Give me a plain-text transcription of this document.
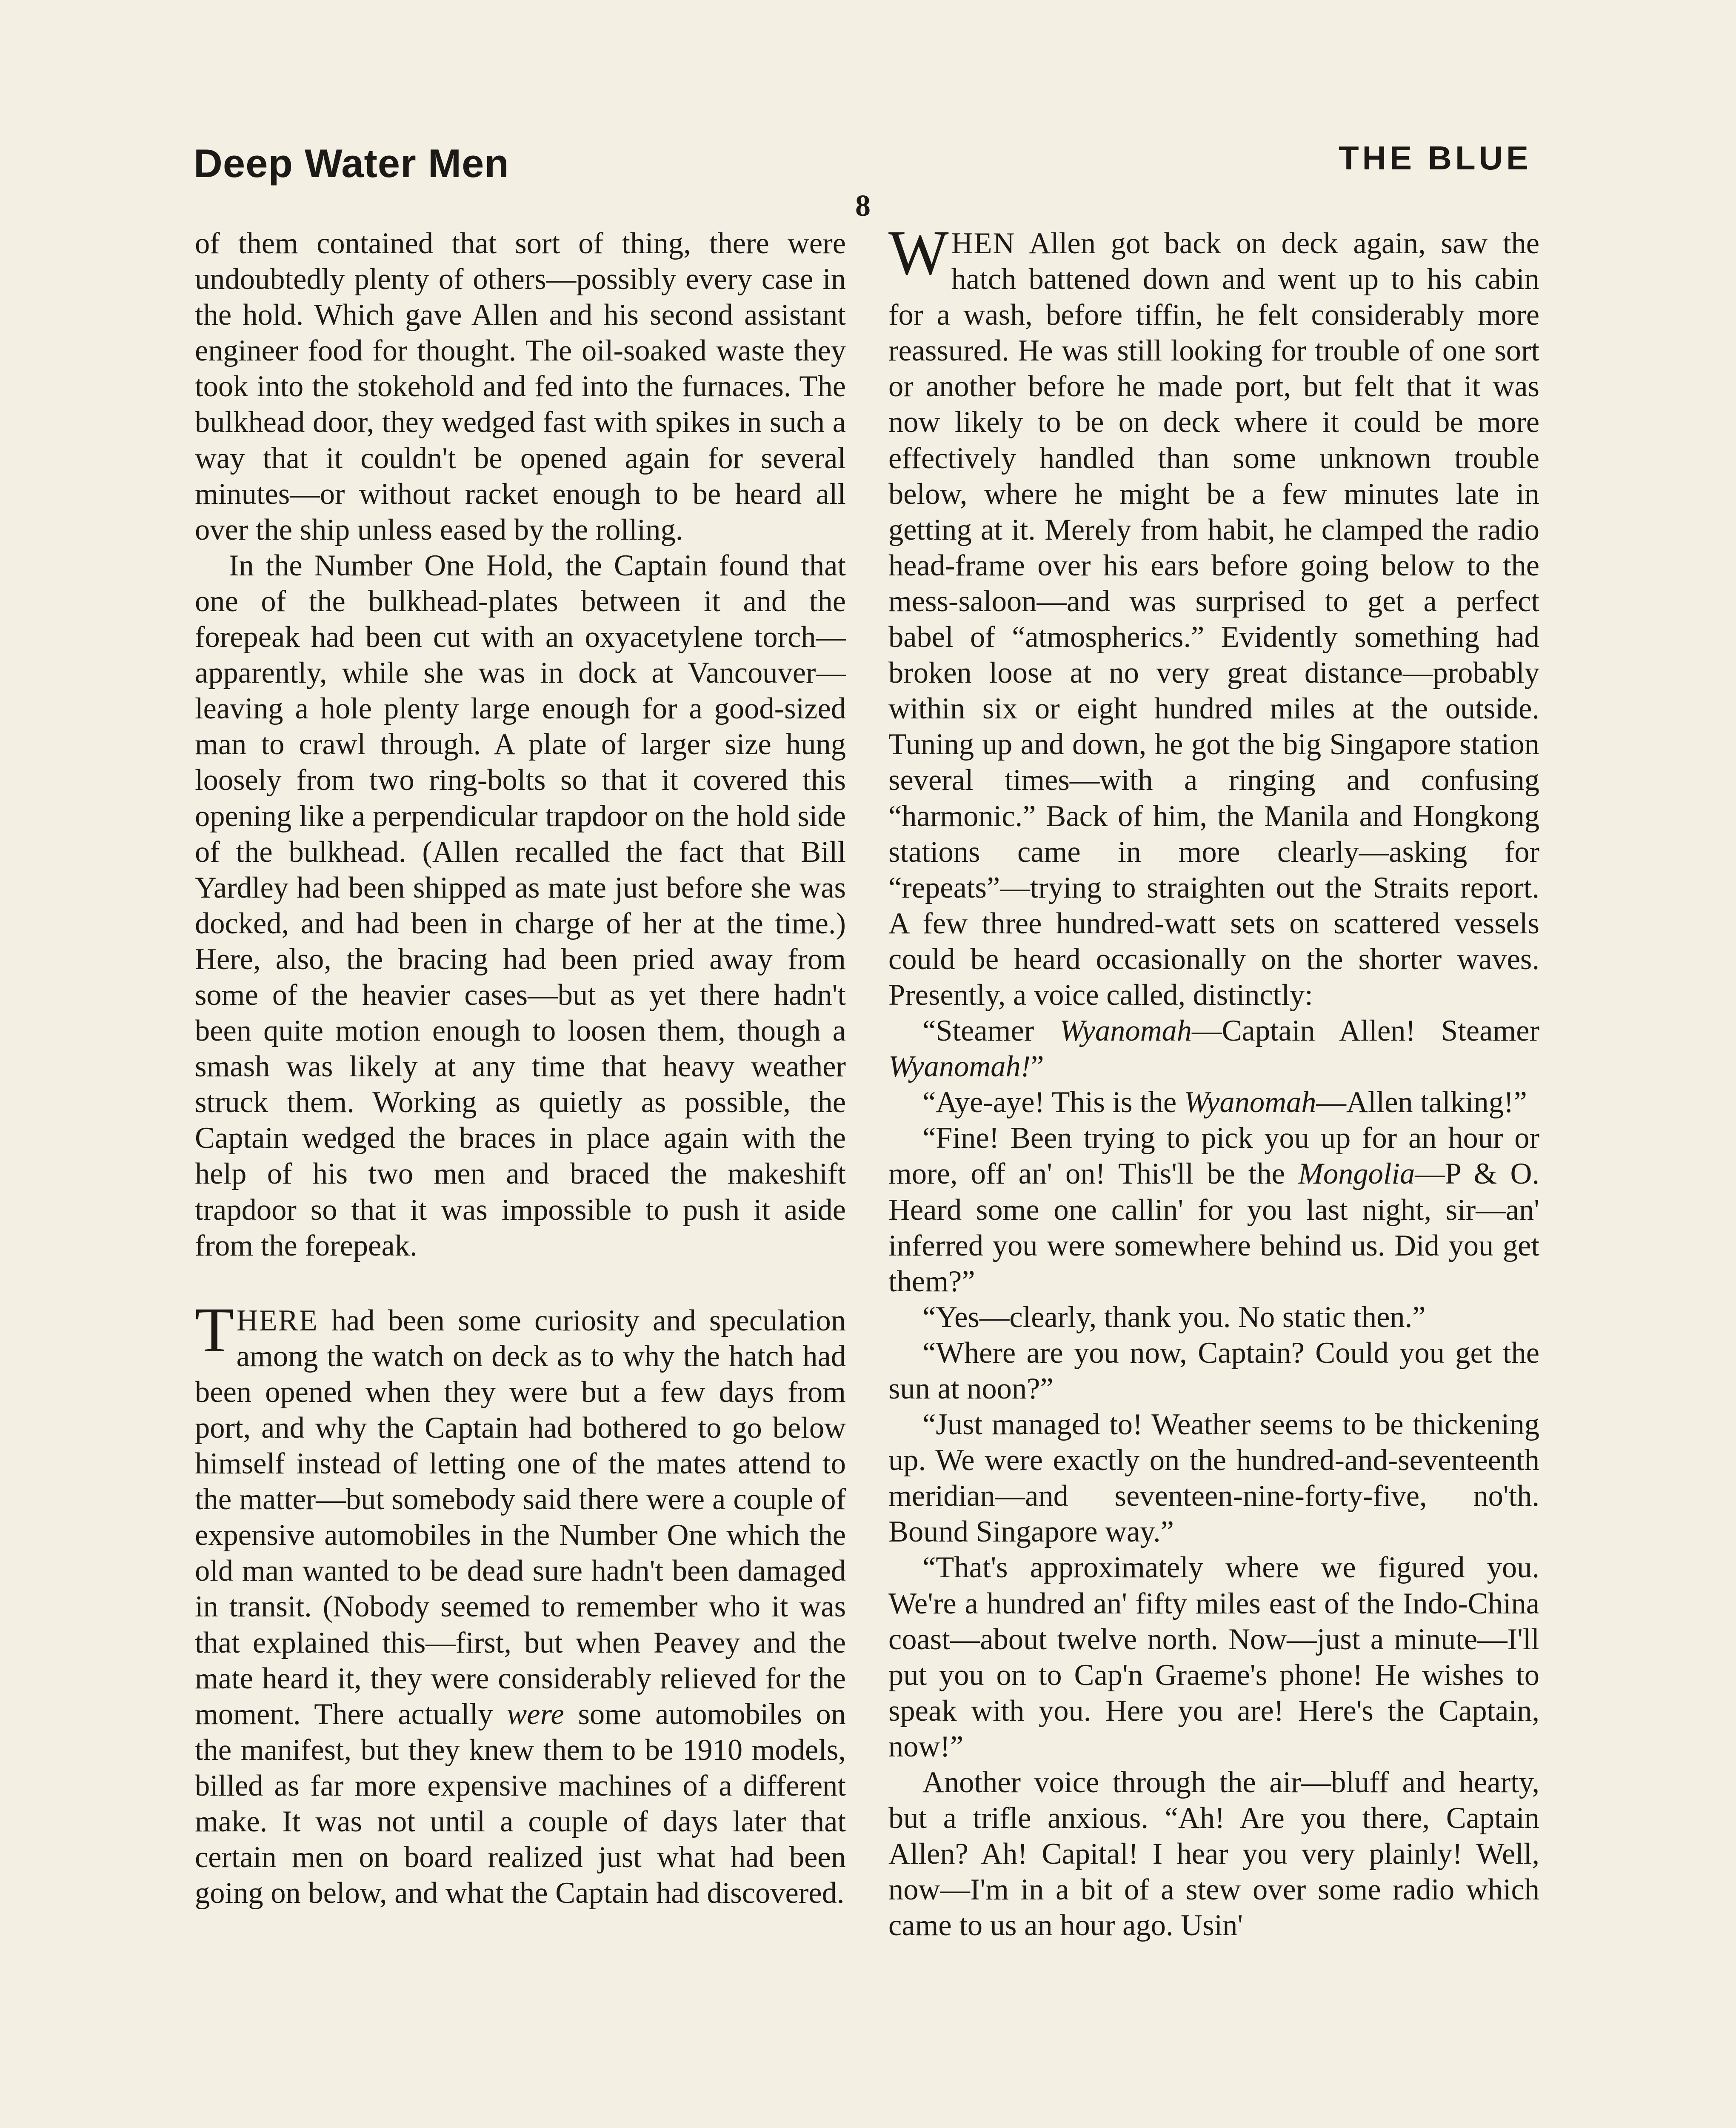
Deep Water Men	THE BLUE
8

of them contained that sort of thing, there were undoubtedly plenty of others—possibly every case in the hold. Which gave Allen and his second assistant engineer food for thought. The oil-soaked waste they took into the stokehold and fed into the furnaces. The bulkhead door, they wedged fast with spikes in such a way that it couldn't be opened again for several minutes—or without racket enough to be heard all over the ship unless eased by the rolling.

In the Number One Hold, the Captain found that one of the bulkhead-plates between it and the forepeak had been cut with an oxyacetylene torch—apparently, while she was in dock at Vancouver—leaving a hole plenty large enough for a good-sized man to crawl through. A plate of larger size hung loosely from two ring-bolts so that it covered this opening like a perpendicular trapdoor on the hold side of the bulkhead. (Allen recalled the fact that Bill Yardley had been shipped as mate just before she was docked, and had been in charge of her at the time.) Here, also, the bracing had been pried away from some of the heavier cases—but as yet there hadn't been quite motion enough to loosen them, though a smash was likely at any time that heavy weather struck them. Working as quietly as possible, the Captain wedged the braces in place again with the help of his two men and braced the makeshift trapdoor so that it was impossible to push it aside from the forepeak.

THERE had been some curiosity and speculation among the watch on deck as to why the hatch had been opened when they were but a few days from port, and why the Captain had bothered to go below himself instead of letting one of the mates attend to the matter—but somebody said there were a couple of expensive automobiles in the Number One which the old man wanted to be dead sure hadn't been damaged in transit. (Nobody seemed to remember who it was that explained this—first, but when Peavey and the mate heard it, they were considerably relieved for the moment. There actually were some automobiles on the manifest, but they knew them to be 1910 models, billed as far more expensive machines of a different make. It was not until a couple of days later that certain men on board realized just what had been going on below, and what the Captain had discovered.

WHEN Allen got back on deck again, saw the hatch battened down and went up to his cabin for a wash, before tiffin, he felt considerably more reassured. He was still looking for trouble of one sort or another before he made port, but felt that it was now likely to be on deck where it could be more effectively handled than some unknown trouble below, where he might be a few minutes late in getting at it. Merely from habit, he clamped the radio head-frame over his ears before going below to the mess-saloon—and was surprised to get a perfect babel of “atmospherics.” Evidently something had broken loose at no very great distance—probably within six or eight hundred miles at the outside. Tuning up and down, he got the big Singapore station several times—with a ringing and confusing “harmonic.” Back of him, the Manila and Hongkong stations came in more clearly—asking for “repeats”—trying to straighten out the Straits report. A few three hundred-watt sets on scattered vessels could be heard occasionally on the shorter waves. Presently, a voice called, distinctly:

“Steamer Wyanomah—Captain Allen! Steamer Wyanomah!”

“Aye-aye! This is the Wyanomah—Allen talking!”

“Fine! Been trying to pick you up for an hour or more, off an' on! This'll be the Mongolia—P & O. Heard some one callin' for you last night, sir—an' inferred you were somewhere behind us. Did you get them?”

“Yes—clearly, thank you. No static then.”

“Where are you now, Captain? Could you get the sun at noon?”

“Just managed to! Weather seems to be thickening up. We were exactly on the hundred-and-seventeenth meridian—and seventeen-nine-forty-five, no'th. Bound Singapore way.”

“That's approximately where we figured you. We're a hundred an' fifty miles east of the Indo-China coast—about twelve north. Now—just a minute—I'll put you on to Cap'n Graeme's phone! He wishes to speak with you. Here you are! Here's the Captain, now!”

Another voice through the air—bluff and hearty, but a trifle anxious. “Ah! Are you there, Captain Allen? Ah! Capital! I hear you very plainly! Well, now—I'm in a bit of a stew over some radio which came to us an hour ago. Usin'
